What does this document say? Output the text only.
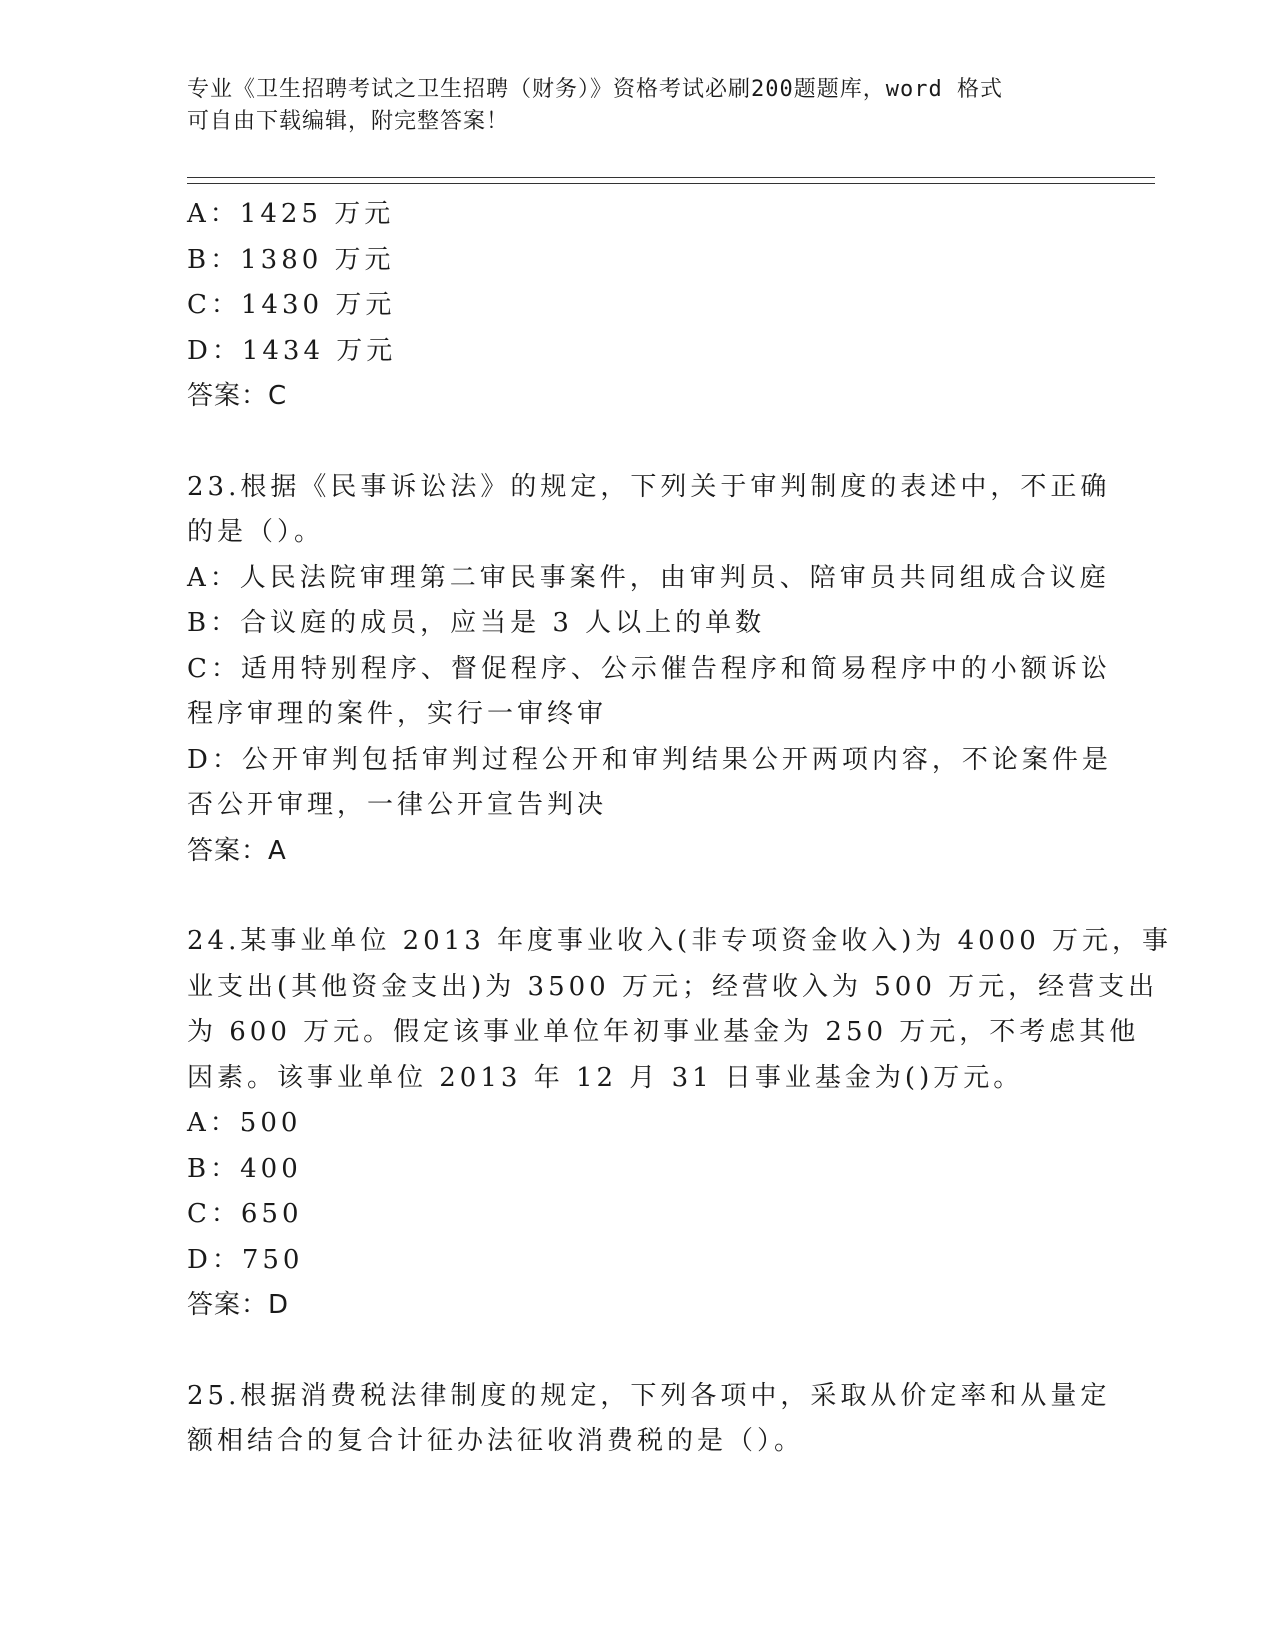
专业《卫生招聘考试之卫生招聘（财务）》资格考试必刷200题题库，word 格式
可自由下载编辑，附完整答案！

A：1425 万元

B：1380 万元

C：1430 万元

D：1434 万元

答案：C

23.根据《民事诉讼法》的规定，下列关于审判制度的表述中，不正确

的是（）。

A：人民法院审理第二审民事案件，由审判员、陪审员共同组成合议庭

B：合议庭的成员，应当是 3 人以上的单数

C：适用特别程序、督促程序、公示催告程序和简易程序中的小额诉讼

程序审理的案件，实行一审终审

D：公开审判包括审判过程公开和审判结果公开两项内容，不论案件是

否公开审理，一律公开宣告判决

答案：A

24.某事业单位 2013 年度事业收入(非专项资金收入)为 4000 万元，事

业支出(其他资金支出)为 3500 万元；经营收入为 500 万元，经营支出

为 600 万元。假定该事业单位年初事业基金为 250 万元，不考虑其他

因素。该事业单位 2013 年 12 月 31 日事业基金为()万元。

A：500

B：400

C：650

D：750

答案：D

25.根据消费税法律制度的规定，下列各项中，采取从价定率和从量定

额相结合的复合计征办法征收消费税的是（）。
